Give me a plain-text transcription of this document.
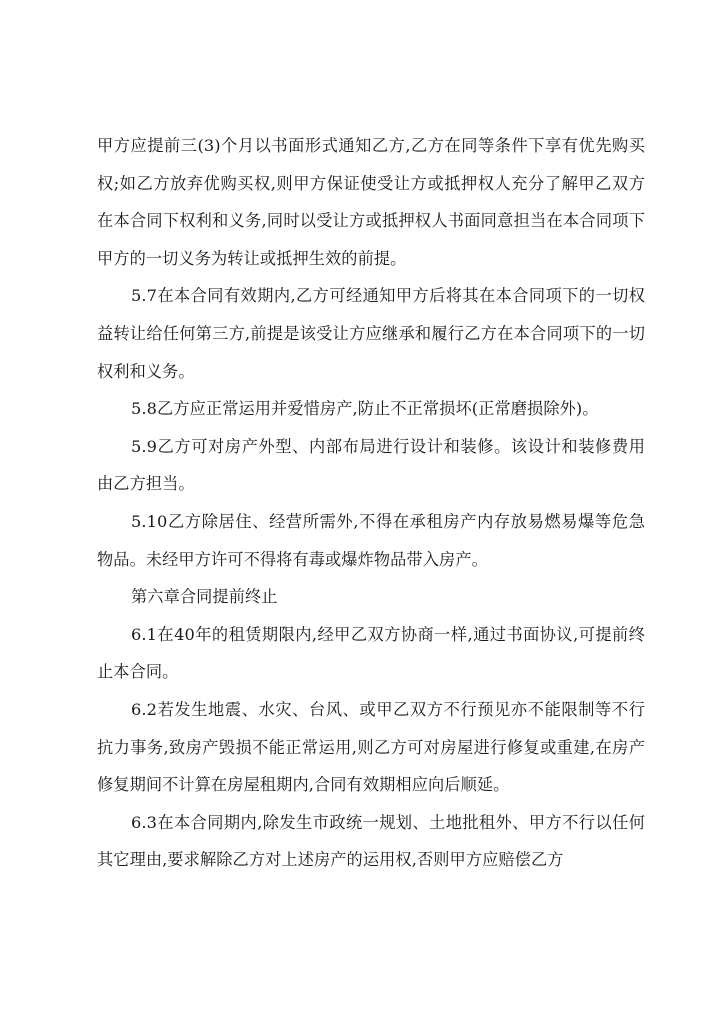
甲方应提前三(3)个月以书面形式通知乙方,乙方在同等条件下享有优先购买权;如乙方放弃优购买权,则甲方保证使受让方或抵押权人充分了解甲乙双方在本合同下权利和义务,同时以受让方或抵押权人书面同意担当在本合同项下甲方的一切义务为转让或抵押生效的前提。

5.7在本合同有效期内,乙方可经通知甲方后将其在本合同项下的一切权益转让给任何第三方,前提是该受让方应继承和履行乙方在本合同项下的一切权利和义务。

5.8乙方应正常运用并爱惜房产,防止不正常损坏(正常磨损除外)。

5.9乙方可对房产外型、内部布局进行设计和装修。该设计和装修费用由乙方担当。

5.10乙方除居住、经营所需外,不得在承租房产内存放易燃易爆等危急物品。未经甲方许可不得将有毒或爆炸物品带入房产。

第六章合同提前终止

6.1在40年的租赁期限内,经甲乙双方协商一样,通过书面协议,可提前终止本合同。

6.2若发生地震、水灾、台风、或甲乙双方不行预见亦不能限制等不行抗力事务,致房产毁损不能正常运用,则乙方可对房屋进行修复或重建,在房产修复期间不计算在房屋租期内,合同有效期相应向后顺延。

6.3在本合同期内,除发生市政统一规划、土地批租外、甲方不行以任何其它理由,要求解除乙方对上述房产的运用权,否则甲方应赔偿乙方
